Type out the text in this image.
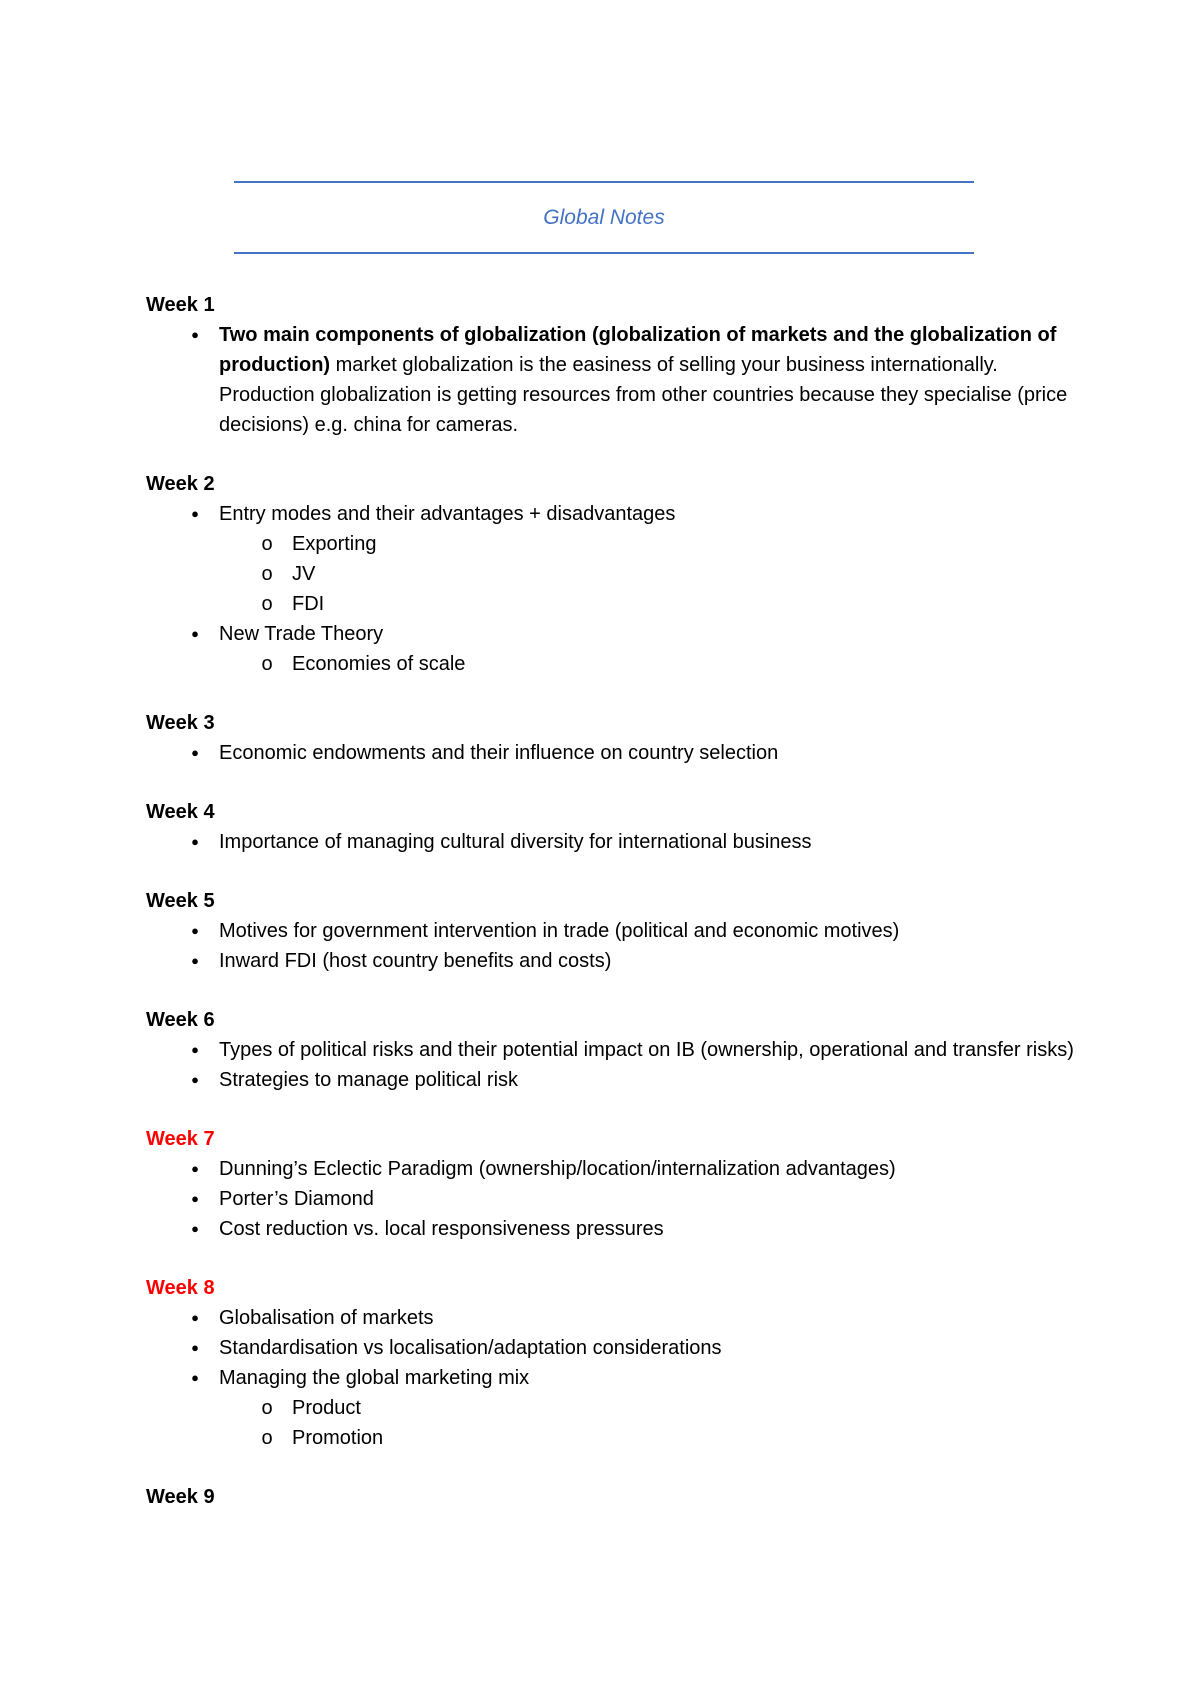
Global Notes
Week 1
●	Two main components of globalization (globalization of markets and the globalization of production) market globalization is the easiness of selling your business internationally. Production globalization is getting resources from other countries because they specialise (price decisions) e.g. china for cameras.
Week 2
●	Entry modes and their advantages + disadvantages
o Exporting
o JV
o FDI
●	New Trade Theory
o Economies of scale
Week 3
●	Economic endowments and their influence on country selection
Week 4
●	Importance of managing cultural diversity for international business
Week 5
●	Motives for government intervention in trade (political and economic motives)
●	Inward FDI (host country benefits and costs)
Week 6
●	Types of political risks and their potential impact on IB (ownership, operational and transfer risks)
●	Strategies to manage political risk
Week 7
●	Dunning’s Eclectic Paradigm (ownership/location/internalization advantages)
●	Porter’s Diamond
●	Cost reduction vs. local responsiveness pressures
Week 8
●	Globalisation of markets
●	Standardisation vs localisation/adaptation considerations
●	Managing the global marketing mix
o Product
o Promotion
Week 9
